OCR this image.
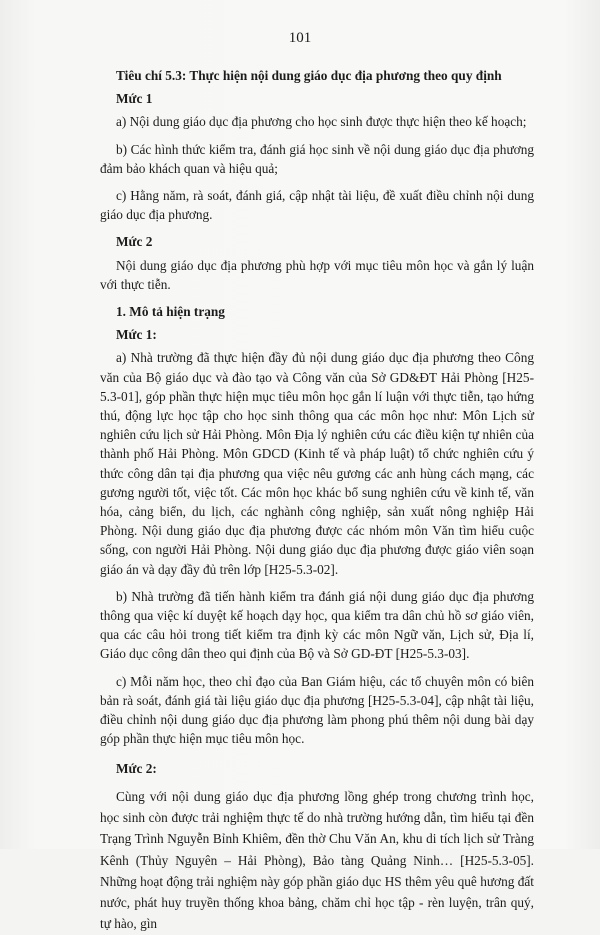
101

Tiêu chí 5.3: Thực hiện nội dung giáo dục địa phương theo quy định

Mức 1

a) Nội dung giáo dục địa phương cho học sinh được thực hiện theo kế hoạch;

b) Các hình thức kiểm tra, đánh giá học sinh về nội dung giáo dục địa phương đảm bảo khách quan và hiệu quả;

c) Hằng năm, rà soát, đánh giá, cập nhật tài liệu, đề xuất điều chỉnh nội dung giáo dục địa phương.

Mức 2

Nội dung giáo dục địa phương phù hợp với mục tiêu môn học và gắn lý luận với thực tiễn.

1. Mô tả hiện trạng

Mức 1:

a) Nhà trường đã thực hiện đầy đủ nội dung giáo dục địa phương theo Công văn của Bộ giáo dục và đào tạo và Công văn của Sở GD&ĐT Hải Phòng [H25-5.3-01], góp phần thực hiện mục tiêu môn học gắn lí luận với thực tiễn, tạo hứng thú, động lực học tập cho học sinh thông qua các môn học như: Môn Lịch sử nghiên cứu lịch sử Hải Phòng. Môn Địa lý nghiên cứu các điều kiện tự nhiên của thành phố Hải Phòng. Môn GDCD (Kinh tế và pháp luật) tổ chức nghiên cứu ý thức công dân tại địa phương qua việc nêu gương các anh hùng cách mạng, các gương người tốt, việc tốt. Các môn học khác bổ sung nghiên cứu về kinh tế, văn hóa, cảng biển, du lịch, các nghành công nghiệp, sản xuất nông nghiệp Hải Phòng. Nội dung giáo dục địa phương được các nhóm môn Văn tìm hiểu cuộc sống, con người Hải Phòng. Nội dung giáo dục địa phương được giáo viên soạn giáo án và dạy đầy đủ trên lớp [H25-5.3-02].

b) Nhà trường đã tiến hành kiểm tra đánh giá nội dung giáo dục địa phương thông qua việc kí duyệt kế hoạch dạy học, qua kiểm tra dân chủ hồ sơ giáo viên, qua các câu hỏi trong tiết kiểm tra định kỳ các môn Ngữ văn, Lịch sử, Địa lí, Giáo dục công dân theo qui định của Bộ và Sở GD-ĐT [H25-5.3-03].

c) Mỗi năm học, theo chỉ đạo của Ban Giám hiệu, các tổ chuyên môn có biên bản rà soát, đánh giá tài liệu giáo dục địa phương [H25-5.3-04], cập nhật tài liệu, điều chỉnh nội dung giáo dục địa phương làm phong phú thêm nội dung bài dạy góp phần thực hiện mục tiêu môn học.

Mức 2:

Cùng với nội dung giáo dục địa phương lồng ghép trong chương trình học, học sinh còn được trải nghiệm thực tế do nhà trường hướng dẫn, tìm hiểu tại đền Trạng Trình Nguyễn Bỉnh Khiêm, đền thờ Chu Văn An, khu di tích lịch sử Tràng Kênh (Thủy Nguyên – Hải Phòng), Bảo tàng Quảng Ninh… [H25-5.3-05]. Những hoạt động trải nghiệm này góp phần giáo dục HS thêm yêu quê hương đất nước, phát huy truyền thống khoa bảng, chăm chỉ học tập - rèn luyện, trân quý, tự hào, gìn
